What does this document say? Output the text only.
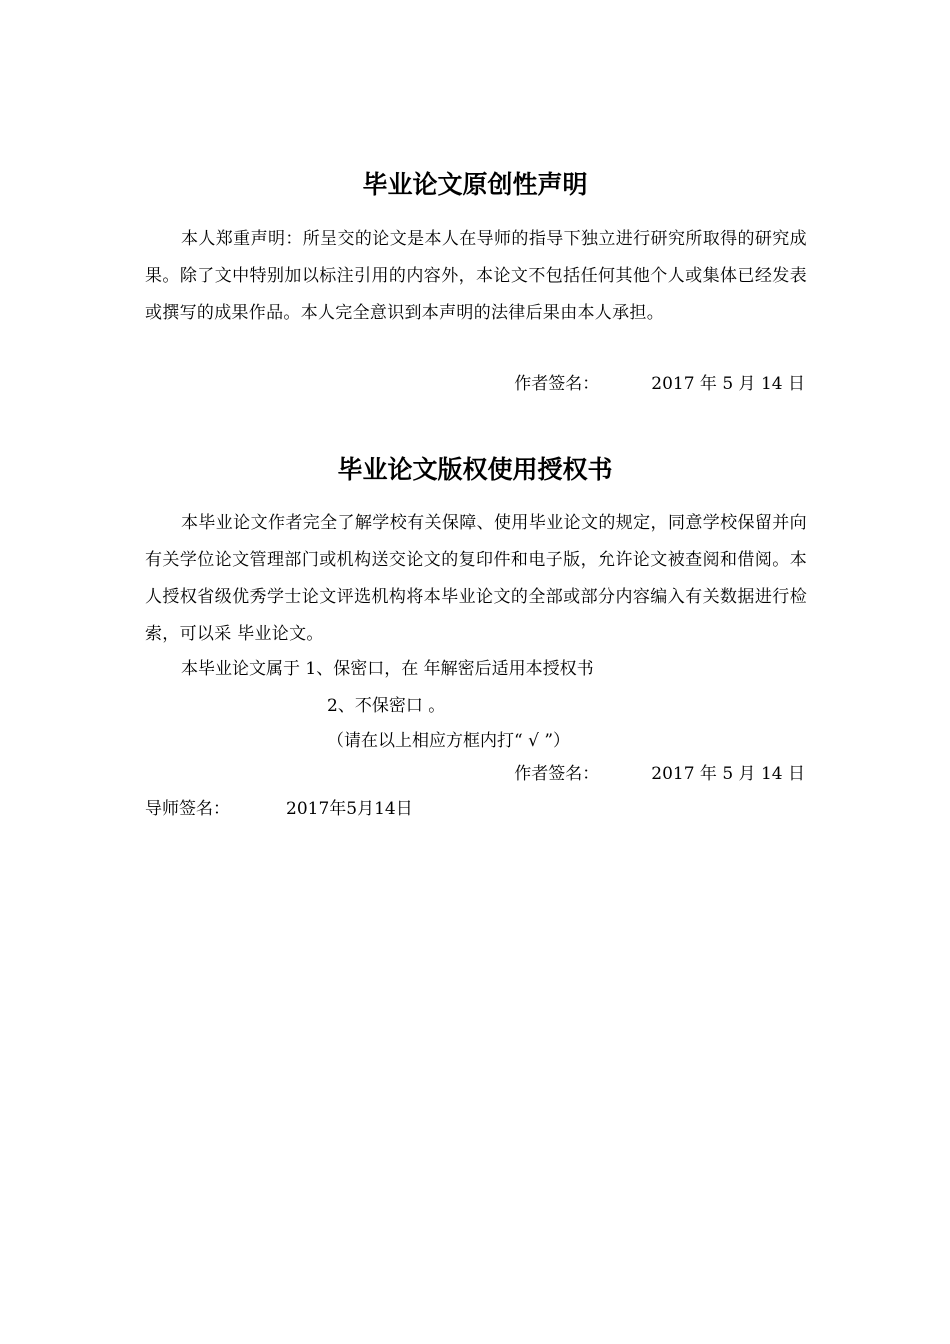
毕业论文原创性声明

本人郑重声明：所呈交的论文是本人在导师的指导下独立进行研究所取得的研究成果。除了文中特别加以标注引用的内容外，本论文不包括任何其他个人或集体已经发表或撰写的成果作品。本人完全意识到本声明的法律后果由本人承担。

作者签名：	2017 年 5 月 14 日
毕业论文版权使用授权书

本毕业论文作者完全了解学校有关保障、使用毕业论文的规定，同意学校保留并向有关学位论文管理部门或机构送交论文的复印件和电子版，允许论文被查阅和借阅。本人授权省级优秀学士论文评选机构将本毕业论文的全部或部分内容编入有关数据进行检索，可以采 毕业论文。

本毕业论文属于 1、保密口，在 年解密后适用本授权书

2、不保密口 。

（请在以上相应方框内打“ √ ”）

作者签名：	2017 年 5 月 14 日
导师签名：	2017年5月14日
